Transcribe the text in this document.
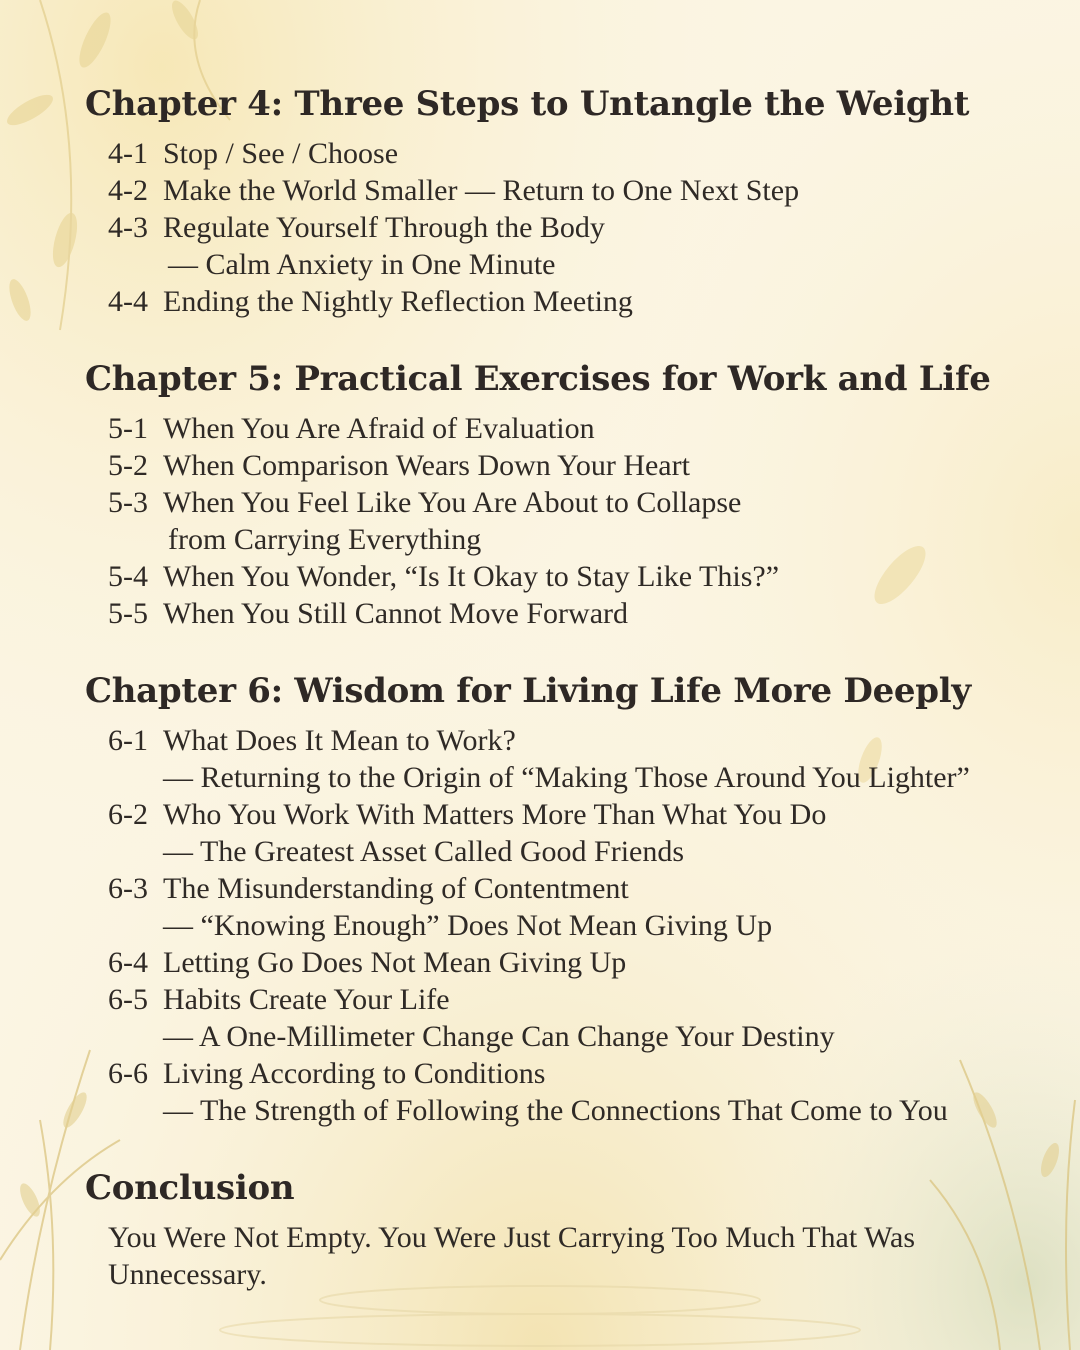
Chapter 4: Three Steps to Untangle the Weight

4-1 Stop / See / Choose

4-2 Make the World Smaller — Return to One Next Step

4-3 Regulate Yourself Through the Body

— Calm Anxiety in One Minute

4-4 Ending the Nightly Reflection Meeting

Chapter 5: Practical Exercises for Work and Life

5-1 When You Are Afraid of Evaluation

5-2 When Comparison Wears Down Your Heart

5-3 When You Feel Like You Are About to Collapse

from Carrying Everything

5-4 When You Wonder, “Is It Okay to Stay Like This?”

5-5 When You Still Cannot Move Forward

Chapter 6: Wisdom for Living Life More Deeply

6-1 What Does It Mean to Work?

— Returning to the Origin of “Making Those Around You Lighter”

6-2 Who You Work With Matters More Than What You Do

— The Greatest Asset Called Good Friends

6-3 The Misunderstanding of Contentment

— “Knowing Enough” Does Not Mean Giving Up

6-4 Letting Go Does Not Mean Giving Up

6-5 Habits Create Your Life

— A One-Millimeter Change Can Change Your Destiny

6-6 Living According to Conditions

— The Strength of Following the Connections That Come to You

Conclusion

You Were Not Empty. You Were Just Carrying Too Much That Was

Unnecessary.
